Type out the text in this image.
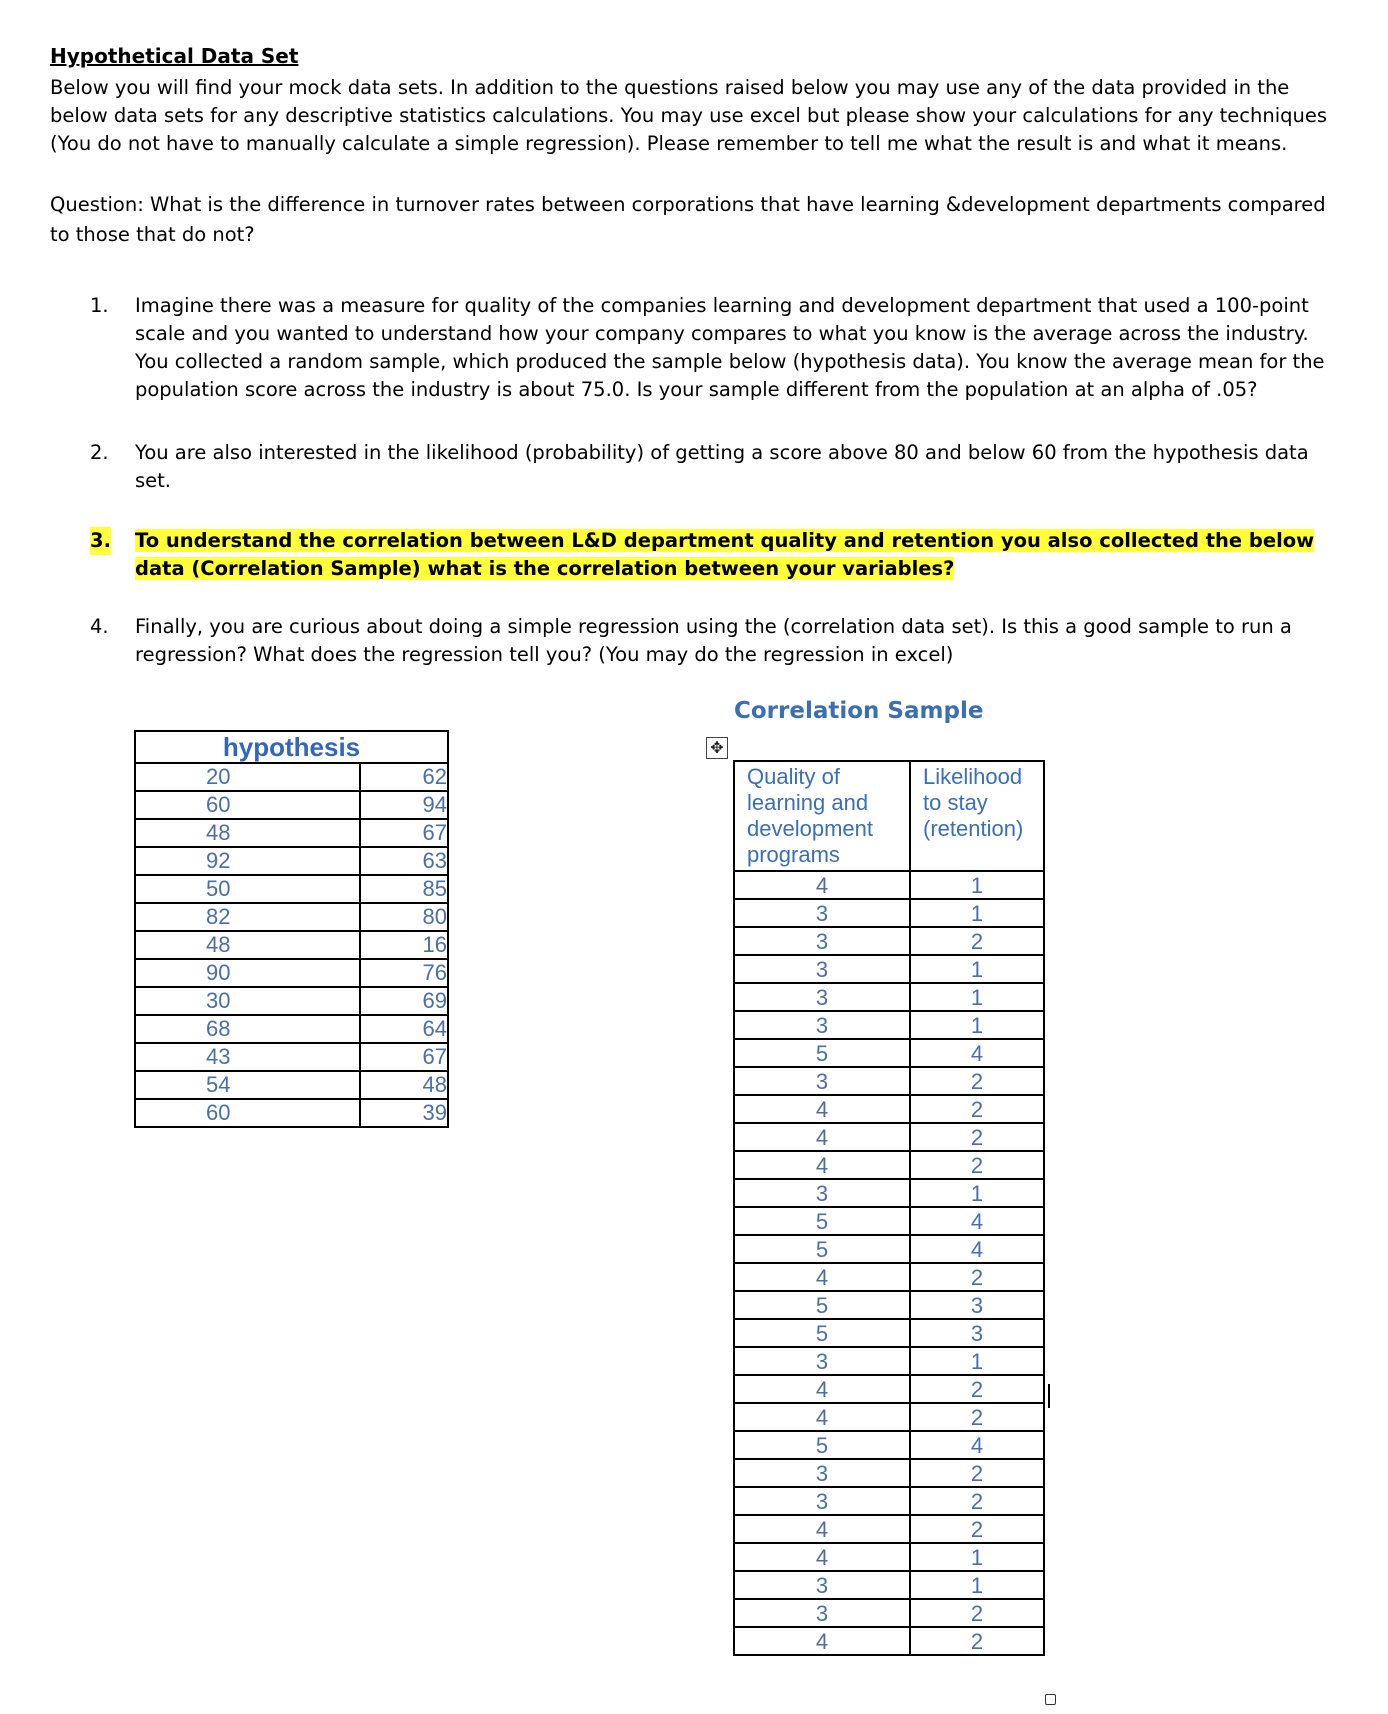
Hypothetical Data Set
Below you will find your mock data sets. In addition to the questions raised below you may use any of the data provided in the below data sets for any descriptive statistics calculations. You may use excel but please show your calculations for any techniques (You do not have to manually calculate a simple regression). Please remember to tell me what the result is and what it means.
Question: What is the difference in turnover rates between corporations that have learning &development departments compared to those that do not?
1. Imagine there was a measure for quality of the companies learning and development department that used a 100-point scale and you wanted to understand how your company compares to what you know is the average across the industry. You collected a random sample, which produced the sample below (hypothesis data). You know the average mean for the population score across the industry is about 75.0. Is your sample different from the population at an alpha of .05?
2. You are also interested in the likelihood (probability) of getting a score above 80 and below 60 from the hypothesis data set.
3. To understand the correlation between L&D department quality and retention you also collected the below data (Correlation Sample) what is the correlation between your variables?
4. Finally, you are curious about doing a simple regression using the (correlation data set). Is this a good sample to run a regression? What does the regression tell you? (You may do the regression in excel)
hypothesis	
20	62
60	94
48	67
92	63
50	85
82	80
48	16
90	76
30	69
68	64
43	67
54	48
60	39
Correlation Sample
✥
Quality of learning and development programs	Likelihood to stay (retention)
4	1
3	1
3	2
3	1
3	1
3	1
5	4
3	2
4	2
4	2
4	2
3	1
5	4
5	4
4	2
5	3
5	3
3	1
4	2
4	2
5	4
3	2
3	2
4	2
4	1
3	1
3	2
4	2
